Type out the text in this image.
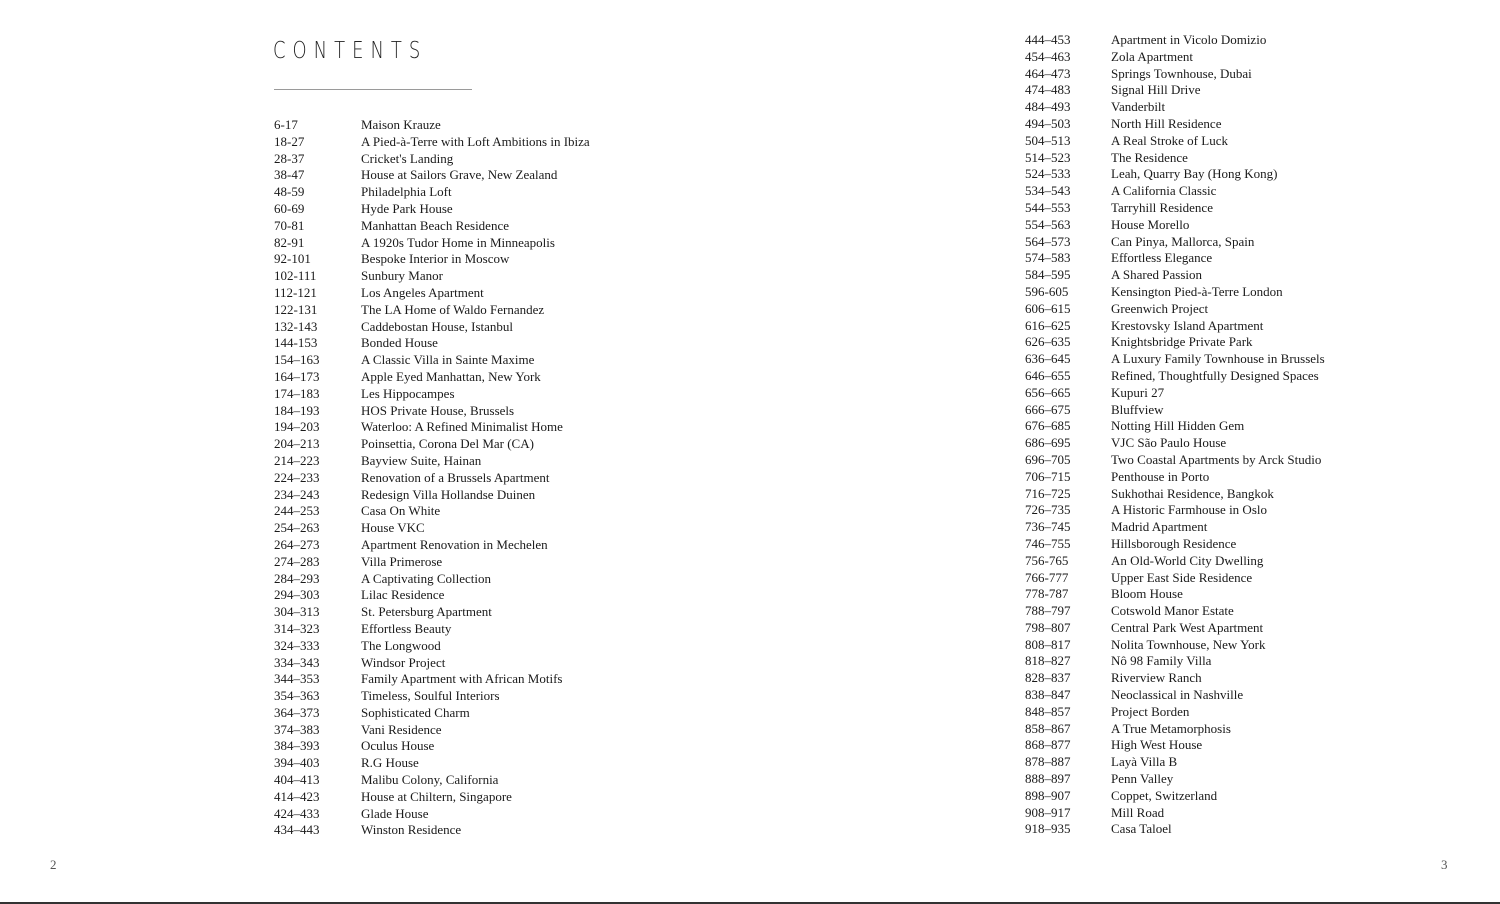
CONTENTS
6-17	Maison Krauze
18-27	A Pied-à-Terre with Loft Ambitions in Ibiza
28-37	Cricket's Landing
38-47	House at Sailors Grave, New Zealand
48-59	Philadelphia Loft
60-69	Hyde Park House
70-81	Manhattan Beach Residence
82-91	A 1920s Tudor Home in Minneapolis
92-101	Bespoke Interior in Moscow
102-111	Sunbury Manor
112-121	Los Angeles Apartment
122-131	The LA Home of Waldo Fernandez
132-143	Caddebostan House, Istanbul
144-153	Bonded House
154–163	A Classic Villa in Sainte Maxime
164–173	Apple Eyed Manhattan, New York
174–183	Les Hippocampes
184–193	HOS Private House, Brussels
194–203	Waterloo: A Refined Minimalist Home
204–213	Poinsettia, Corona Del Mar (CA)
214–223	Bayview Suite, Hainan
224–233	Renovation of a Brussels Apartment
234–243	Redesign Villa Hollandse Duinen
244–253	Casa On White
254–263	House VKC
264–273	Apartment Renovation in Mechelen
274–283	Villa Primerose
284–293	A Captivating Collection
294–303	Lilac Residence
304–313	St. Petersburg Apartment
314–323	Effortless Beauty
324–333	The Longwood
334–343	Windsor Project
344–353	Family Apartment with African Motifs
354–363	Timeless, Soulful Interiors
364–373	Sophisticated Charm
374–383	Vani Residence
384–393	Oculus House
394–403	R.G House
404–413	Malibu Colony, California
414–423	House at Chiltern, Singapore
424–433	Glade House
434–443	Winston Residence
444–453	Apartment in Vicolo Domizio
454–463	Zola Apartment
464–473	Springs Townhouse, Dubai
474–483	Signal Hill Drive
484–493	Vanderbilt
494–503	North Hill Residence
504–513	A Real Stroke of Luck
514–523	The Residence
524–533	Leah, Quarry Bay (Hong Kong)
534–543	A California Classic
544–553	Tarryhill Residence
554–563	House Morello
564–573	Can Pinya, Mallorca, Spain
574–583	Effortless Elegance
584–595	A Shared Passion
596-605	Kensington Pied-à-Terre London
606–615	Greenwich Project
616–625	Krestovsky Island Apartment
626–635	Knightsbridge Private Park
636–645	A Luxury Family Townhouse in Brussels
646–655	Refined, Thoughtfully Designed Spaces
656–665	Kupuri 27
666–675	Bluffview
676–685	Notting Hill Hidden Gem
686–695	VJC São Paulo House
696–705	Two Coastal Apartments by Arck Studio
706–715	Penthouse in Porto
716–725	Sukhothai Residence, Bangkok
726–735	A Historic Farmhouse in Oslo
736–745	Madrid Apartment
746–755	Hillsborough Residence
756-765	An Old-World City Dwelling
766-777	Upper East Side Residence
778-787	Bloom House
788–797	Cotswold Manor Estate
798–807	Central Park West Apartment
808–817	Nolita Townhouse, New York
818–827	Nô 98 Family Villa
828–837	Riverview Ranch
838–847	Neoclassical in Nashville
848–857	Project Borden
858–867	A True Metamorphosis
868–877	High West House
878–887	Layà Villa B
888–897	Penn Valley
898–907	Coppet, Switzerland
908–917	Mill Road
918–935	Casa Taloel
2	3
